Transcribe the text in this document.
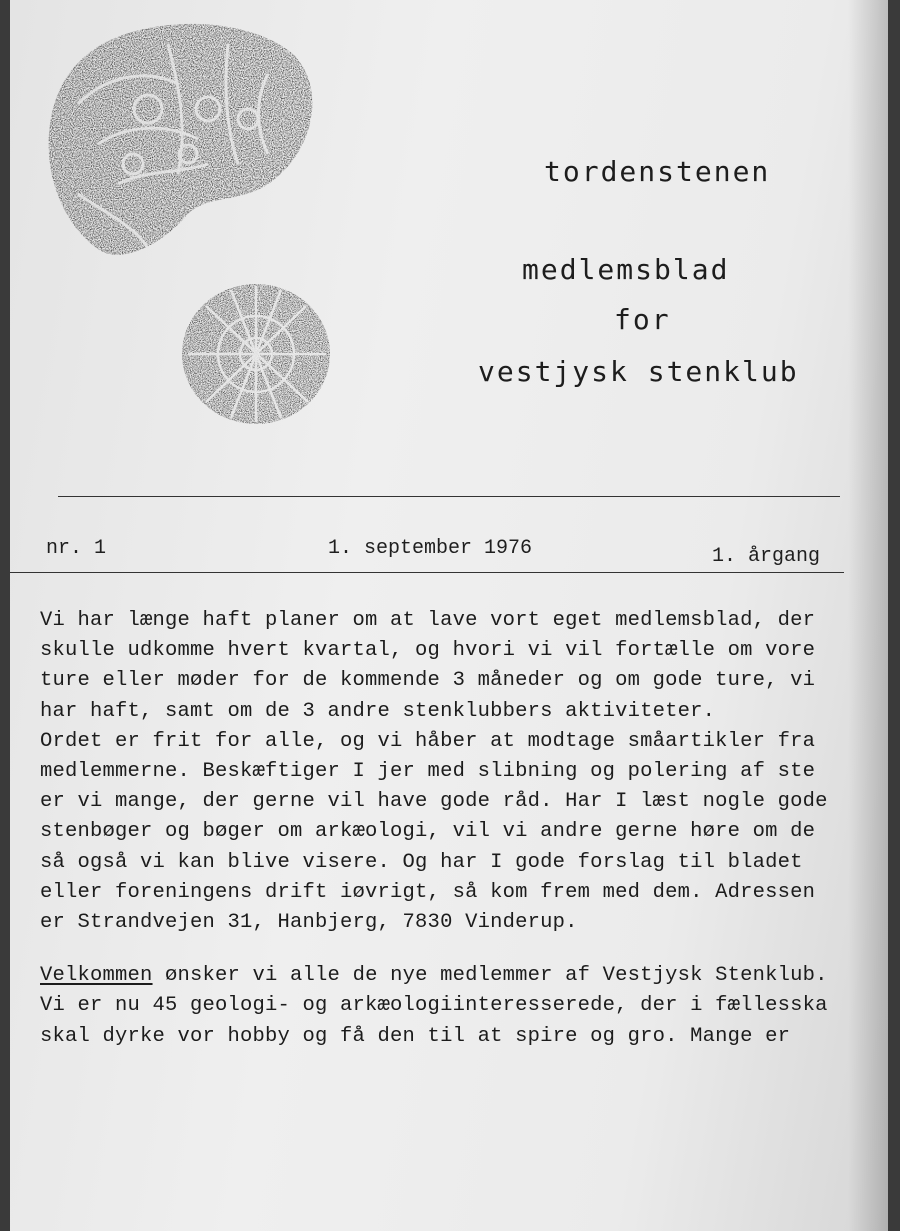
tordenstenen
medlemsblad
for
vestjysk stenklub
nr. 1	1. september 1976	1. årgang
Vi har længe haft planer om at lave vort eget medlemsblad, der
skulle udkomme hvert kvartal, og hvori vi vil fortælle om vore
ture eller møder for de kommende 3 måneder og om gode ture, vi
har haft, samt om de 3 andre stenklubbers aktiviteter.
Ordet er frit for alle, og vi håber at modtage småartikler fra
medlemmerne. Beskæftiger I jer med slibning og polering af ste
er vi mange, der gerne vil have gode råd. Har I læst nogle gode
stenbøger og bøger om arkæologi, vil vi andre gerne høre om de
så også vi kan blive visere. Og har I gode forslag til bladet
eller foreningens drift iøvrigt, så kom frem med dem. Adressen
er Strandvejen 31, Hanbjerg, 7830 Vinderup.
Velkommen ønsker vi alle de nye medlemmer af Vestjysk Stenklub.
Vi er nu 45 geologi- og arkæologiinteresserede, der i fællesska
skal dyrke vor hobby og få den til at spire og gro. Mange er
